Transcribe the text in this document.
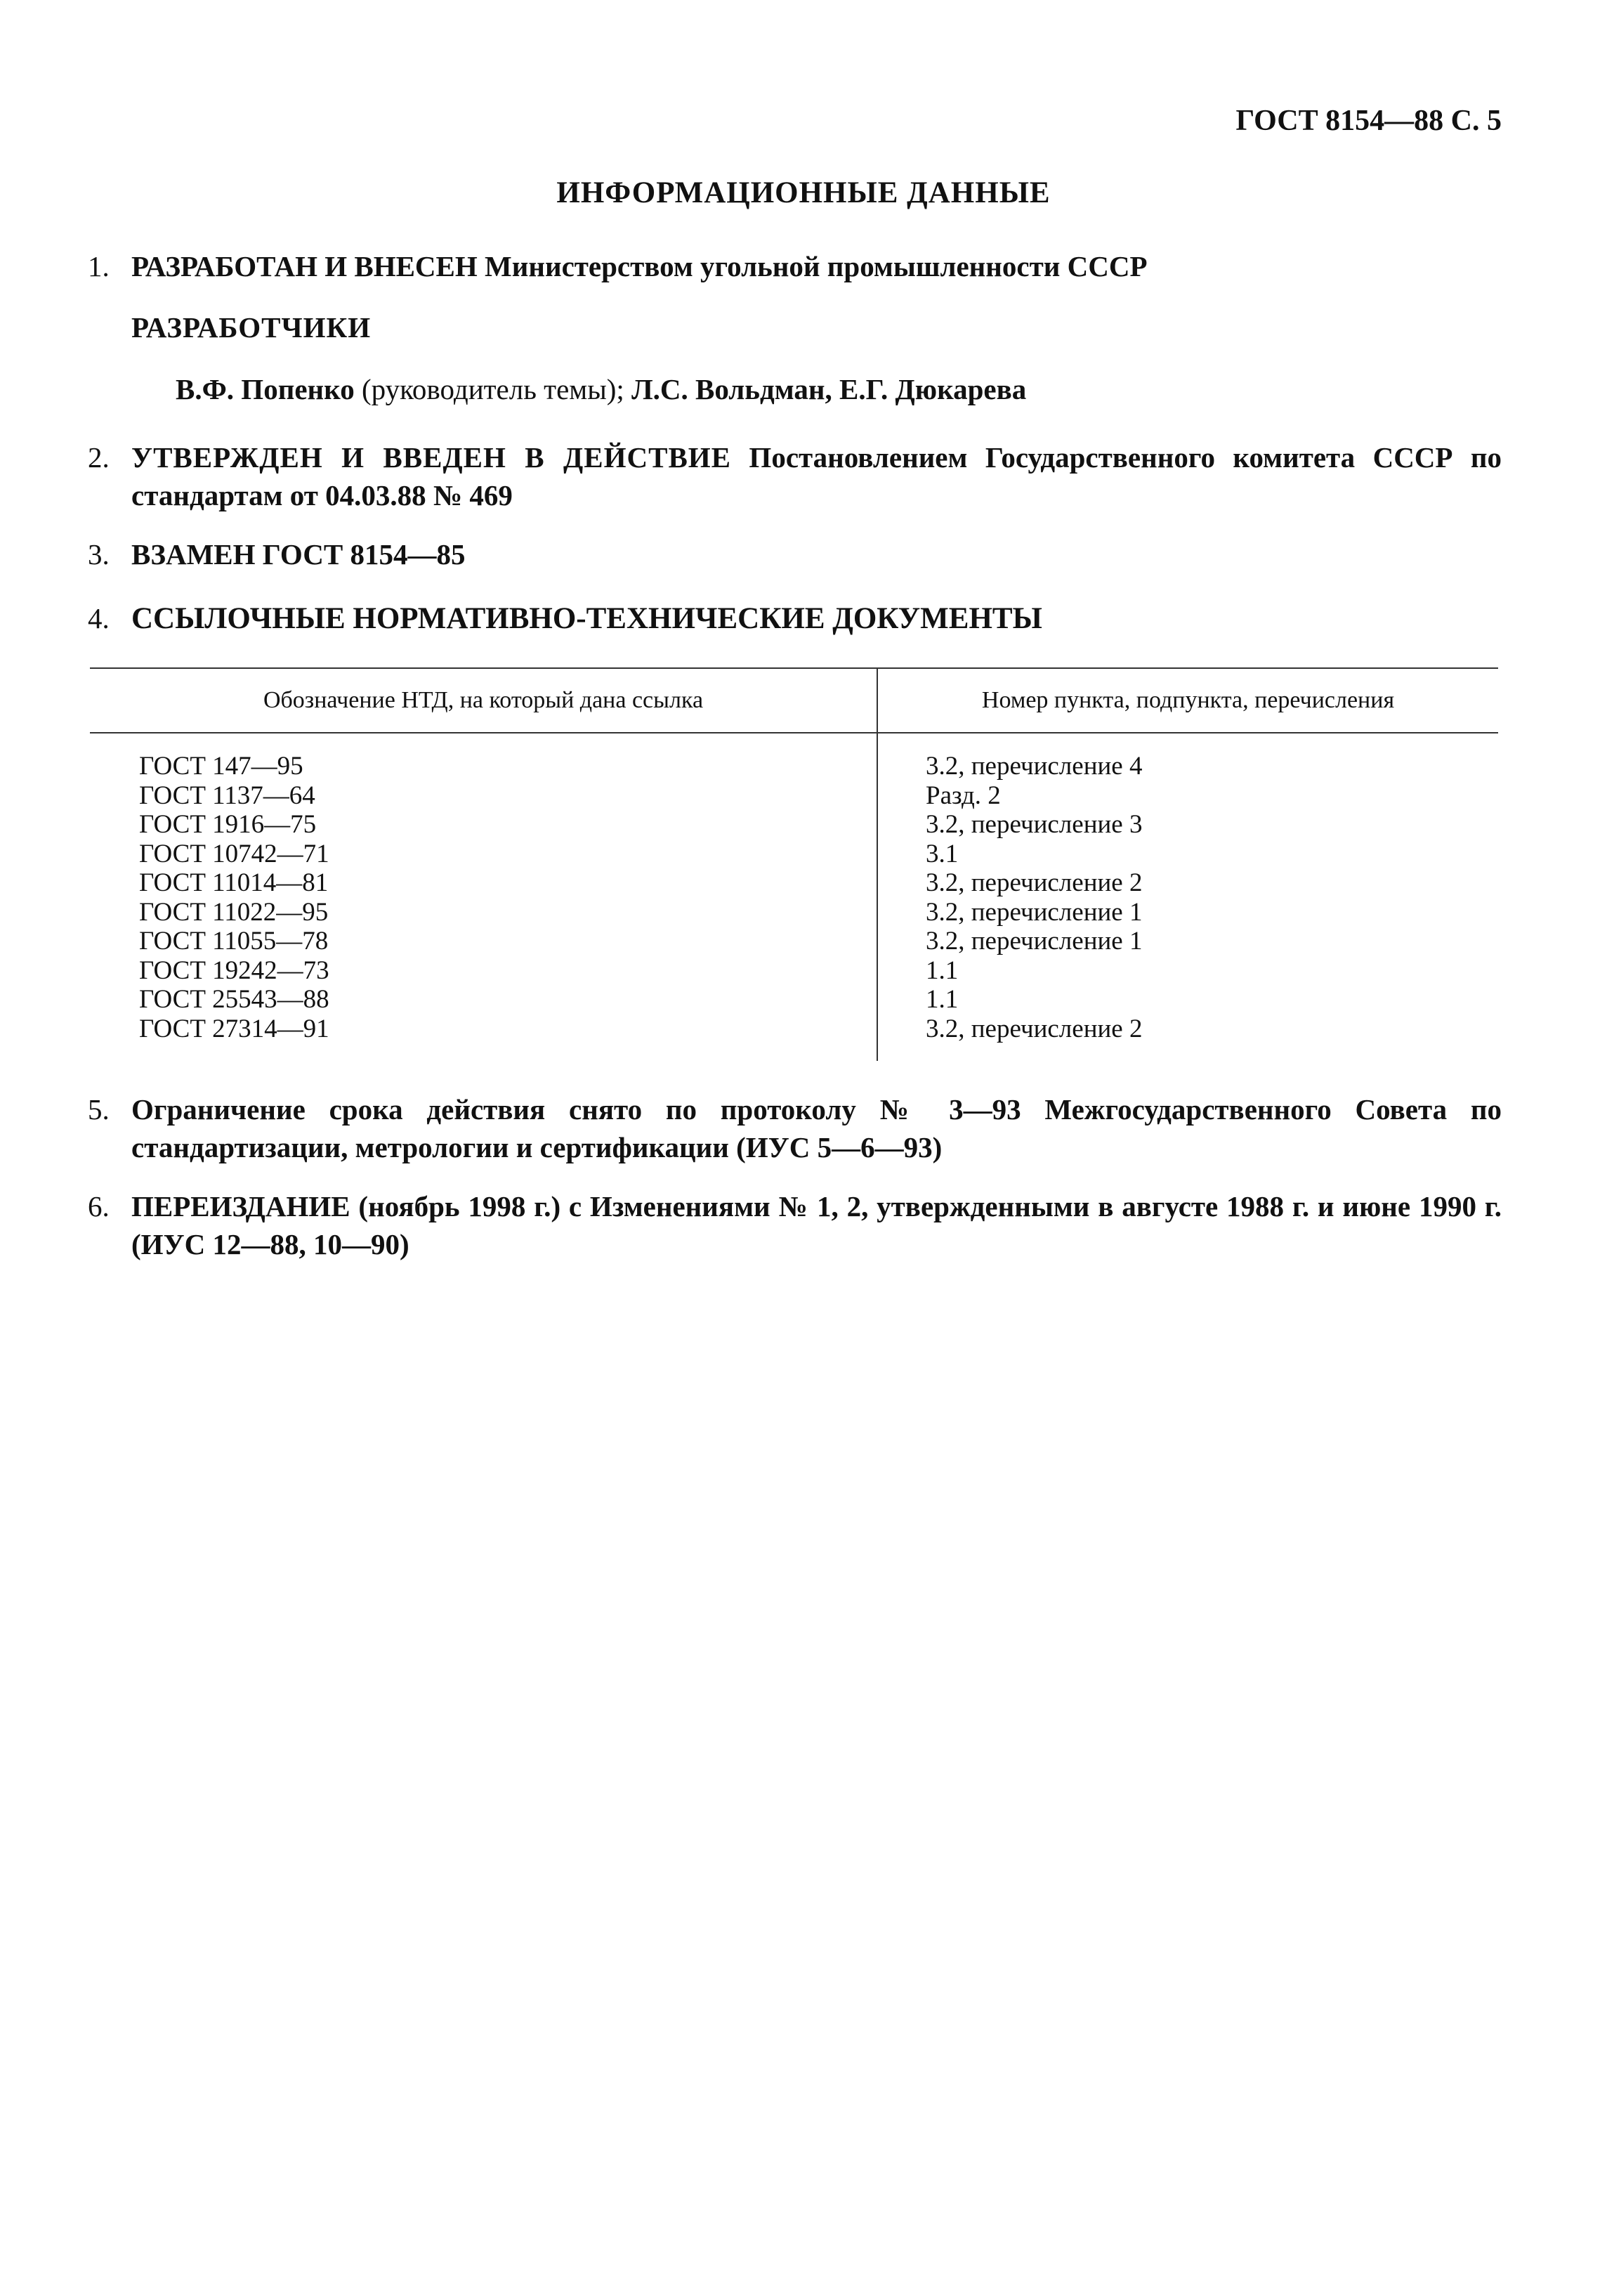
ГОСТ 8154—88 С. 5
ИНФОРМАЦИОННЫЕ ДАННЫЕ
1. РАЗРАБОТАН И ВНЕСЕН Министерством угольной промышленности СССР
РАЗРАБОТЧИКИ
В.Ф. Попенко (руководитель темы); Л.С. Вольдман, Е.Г. Дюкарева
2. УТВЕРЖДЕН И ВВЕДЕН В ДЕЙСТВИЕ Постановлением Государственного комитета СССР по стандартам от 04.03.88 № 469
3. ВЗАМЕН ГОСТ 8154—85
4. ССЫЛОЧНЫЕ НОРМАТИВНО-ТЕХНИЧЕСКИЕ ДОКУМЕНТЫ
Обозначение НТД, на который дана ссылка	Номер пункта, подпункта, перечисления
ГОСТ 147—95
ГОСТ 1137—64
ГОСТ 1916—75
ГОСТ 10742—71
ГОСТ 11014—81
ГОСТ 11022—95
ГОСТ 11055—78
ГОСТ 19242—73
ГОСТ 25543—88
ГОСТ 27314—91
3.2, перечисление 4
Разд. 2
3.2, перечисление 3
3.1
3.2, перечисление 2
3.2, перечисление 1
3.2, перечисление 1
1.1
1.1
3.2, перечисление 2
5. Ограничение срока действия снято по протоколу № 3—93 Межгосударственного Совета по стандартизации, метрологии и сертификации (ИУС 5—6—93)
6. ПЕРЕИЗДАНИЕ (ноябрь 1998 г.) с Изменениями № 1, 2, утвержденными в августе 1988 г. и июне 1990 г. (ИУС 12—88, 10—90)
